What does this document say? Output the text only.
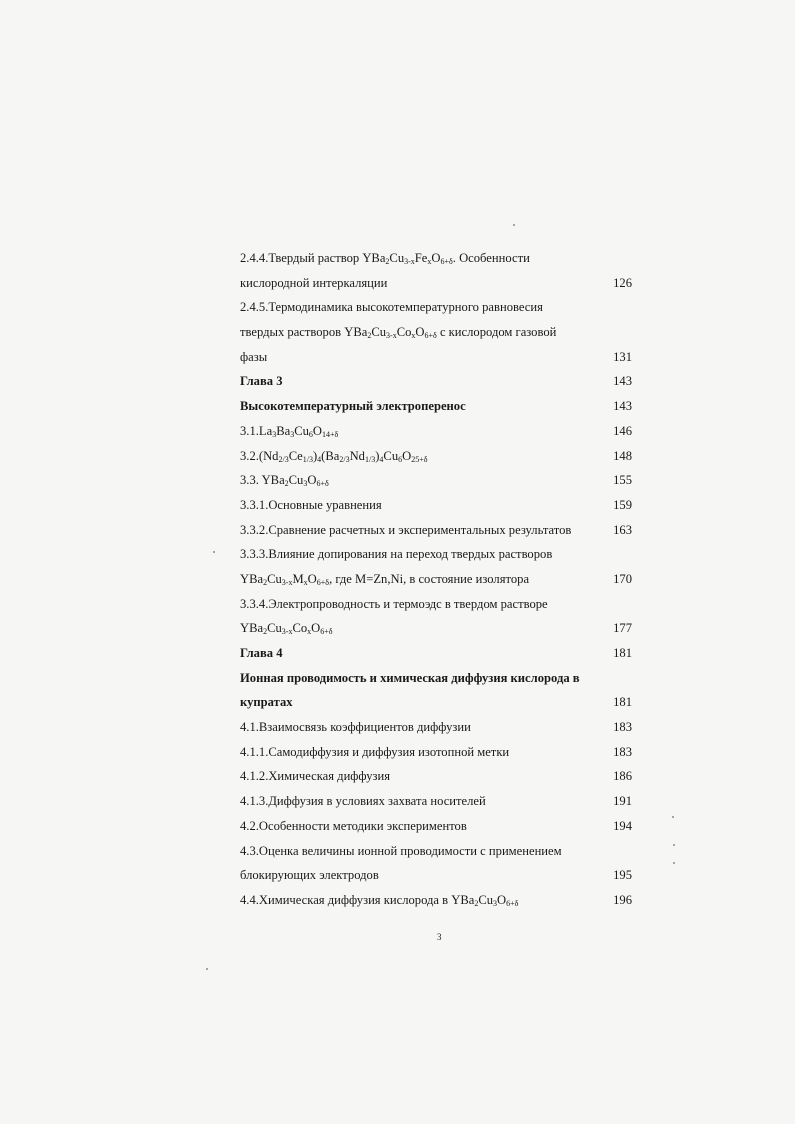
2.4.4.Твердый раствор $YBa_2Cu_{3-x}Fe_xO_{6+\delta}$. Особенности
кислородной интеркаляции	126
2.4.5.Термодинамика высокотемпературного равновесия
твердых растворов $YBa_2Cu_{3-x}Co_xO_{6+\delta}$ с кислородом газовой
фазы	131
Глава 3	143
Высокотемпературный электроперенос	143
$3.1.La_3Ba_3Cu_6O_{14+\delta}$	146
$3.2.(Nd_{2/3}Ce_{1/3})_4(Ba_{2/3}Nd_{1/3})_4Cu_6O_{25+\delta}$	148
3.3. $YBa_2Cu_3O_{6+\delta}$	155
3.3.1.Основные уравнения	159
3.3.2.Сравнение расчетных и экспериментальных результатов	163
3.3.3.Влияние допирования на переход твердых растворов
$YBa_2Cu_{3-x}M_xO_{6+\delta}$, где M=Zn,Ni, в состояние изолятора	170
3.3.4.Электропроводность и термоэдс в твердом растворе
$YBa_2Cu_{3-x}Co_xO_{6+\delta}$	177
Глава 4	181
Ионная проводимость и химическая диффузия кислорода в
купратах	181
4.1.Взаимосвязь коэффициентов диффузии	183
4.1.1.Самодиффузия и диффузия изотопной метки	183
4.1.2.Химическая диффузия	186
4.1.3.Диффузия в условиях захвата носителей	191
4.2.Особенности методики экспериментов	194
4.3.Оценка величины ионной проводимости с применением
блокирующих электродов	195
4.4.Химическая диффузия кислорода в $YBa_2Cu_3O_{6+\delta}$	196
3
